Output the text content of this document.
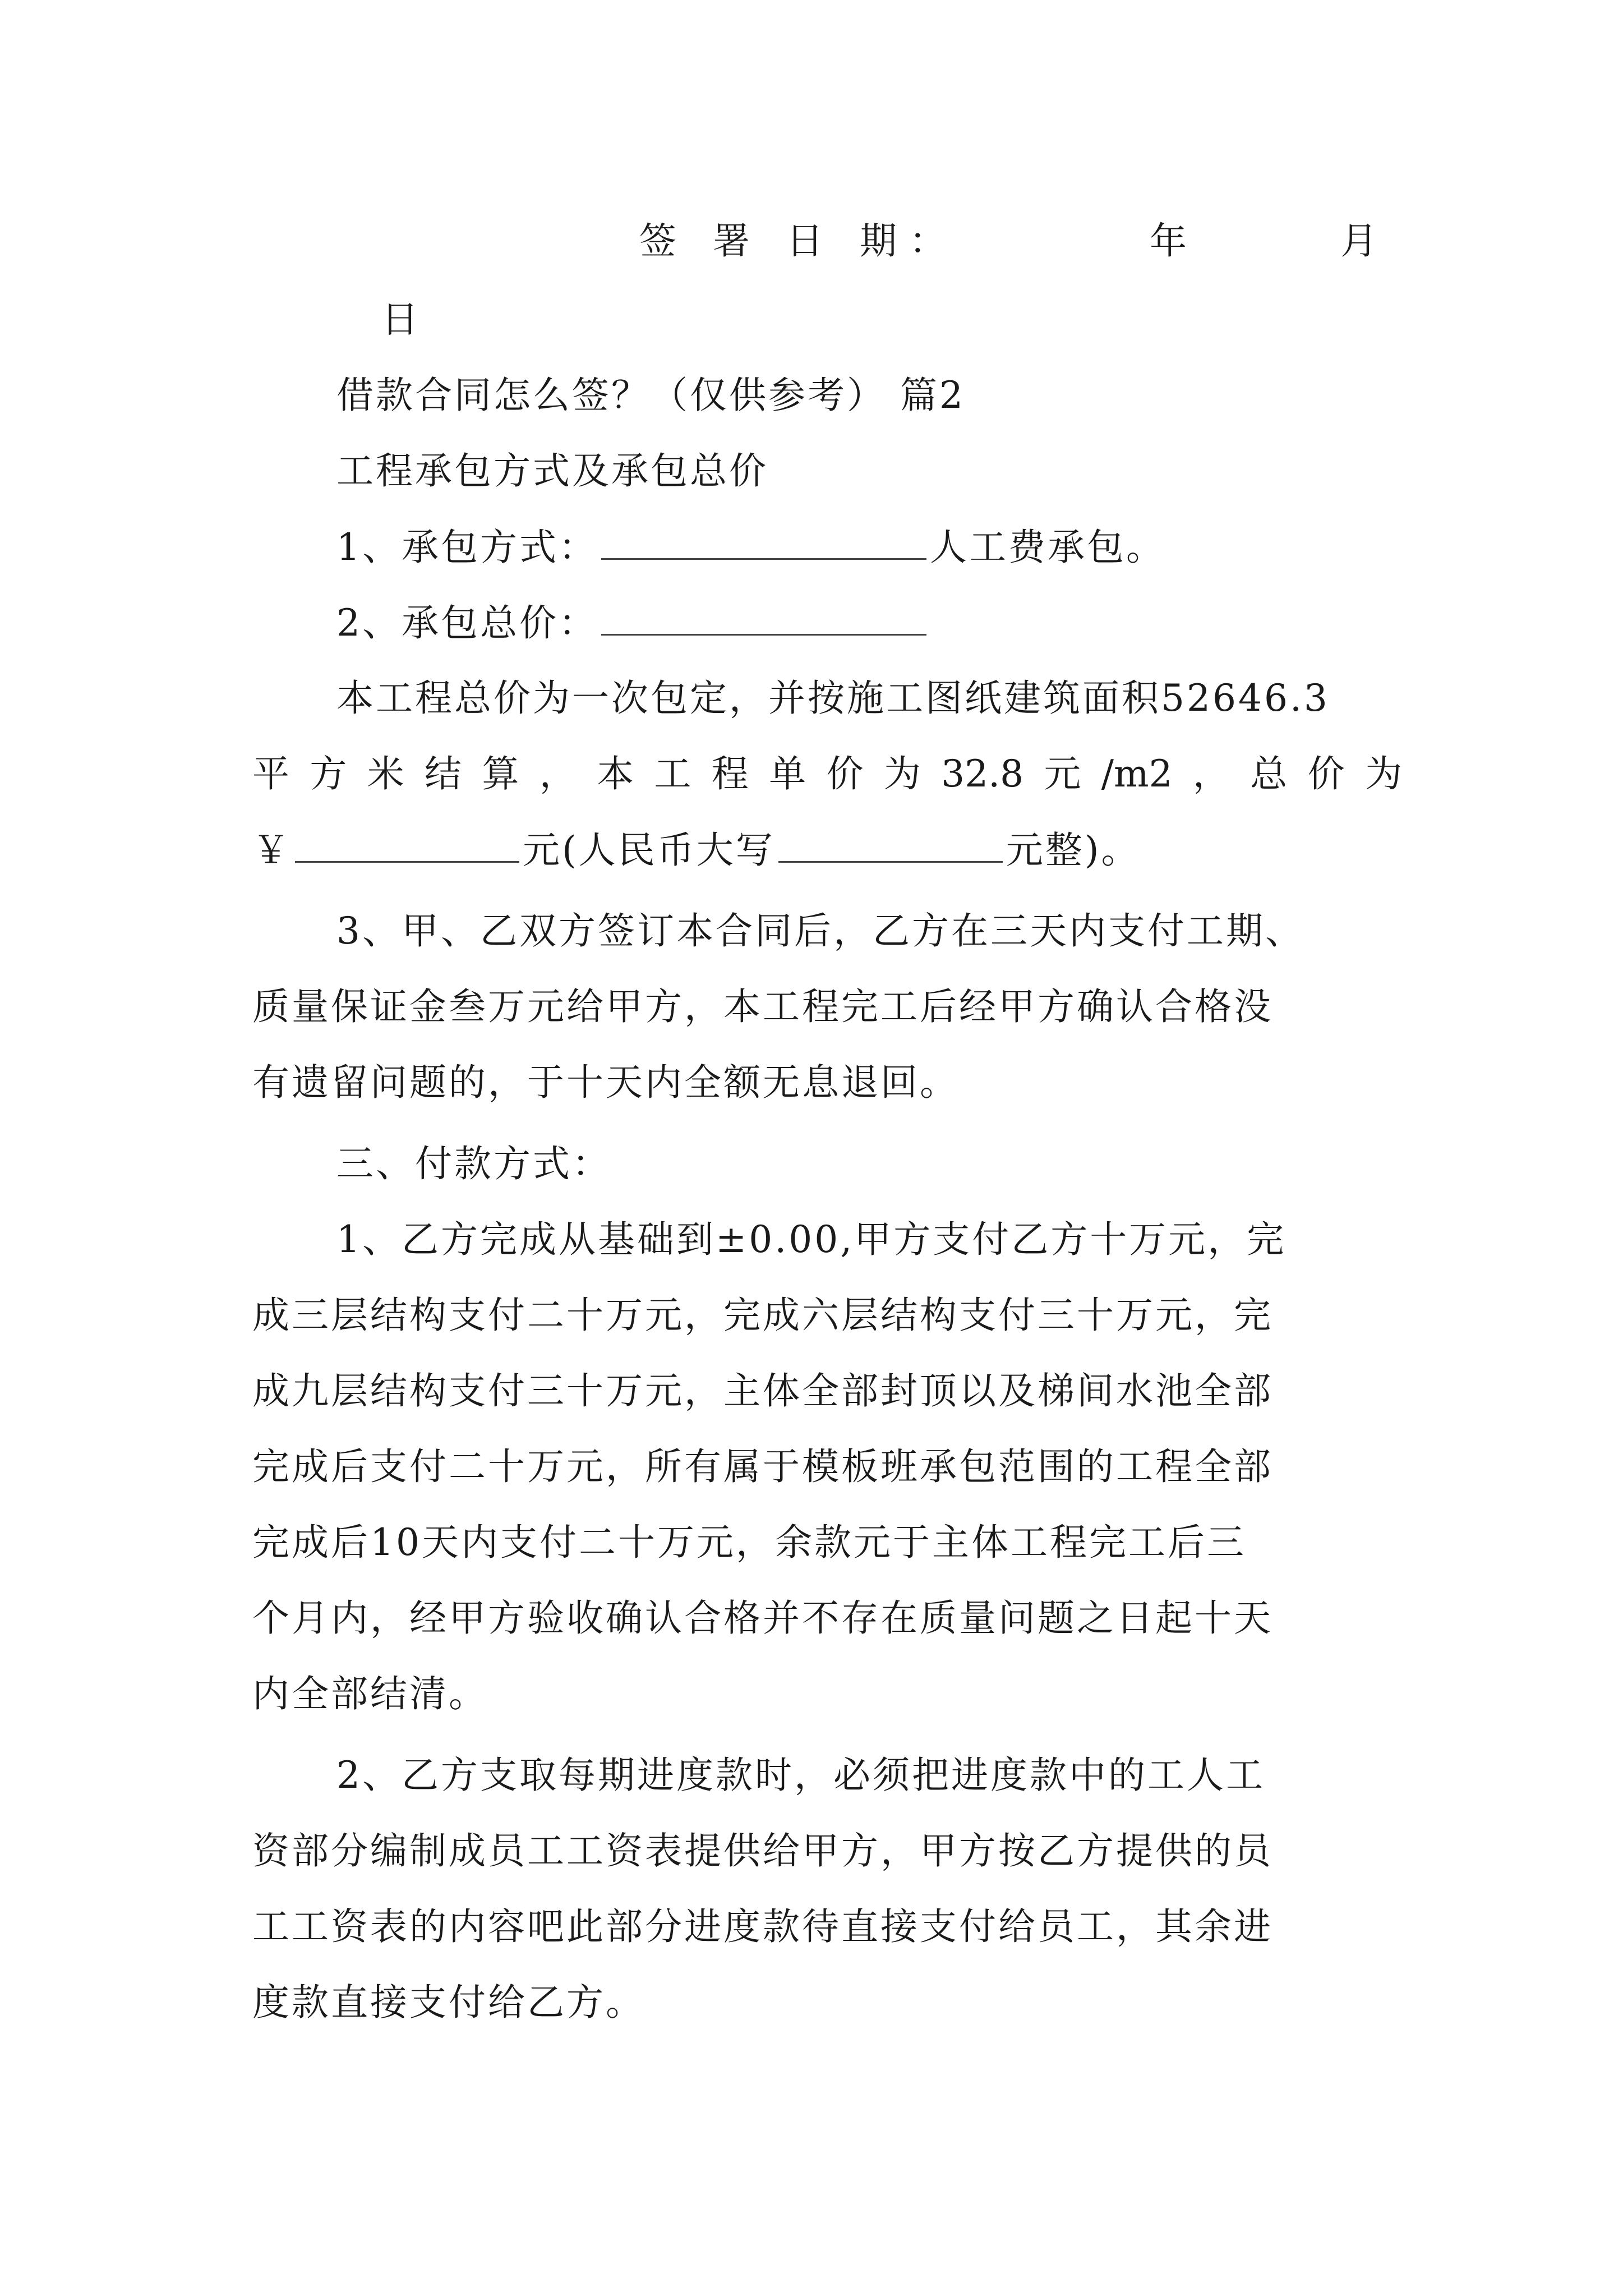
签 署 日 期：	年	月
日
借款合同怎么签？（仅供参考） 篇2
工程承包方式及承包总价
1、承包方式：	人工费承包。
2、承包总价：
本工程总价为一次包定，并按施工图纸建筑面积52646.3
平 方 米 结 算 ， 本 工 程 单 价 为 32.8 元 /m2 ， 总 价 为
￥	元(人民币大写	元整)。
3、甲、乙双方签订本合同后，乙方在三天内支付工期、
质量保证金叁万元给甲方，本工程完工后经甲方确认合格没
有遗留问题的，于十天内全额无息退回。
三、付款方式：
1、乙方完成从基础到±0.00,甲方支付乙方十万元，完
成三层结构支付二十万元，完成六层结构支付三十万元，完
成九层结构支付三十万元，主体全部封顶以及梯间水池全部
完成后支付二十万元，所有属于模板班承包范围的工程全部
完成后10天内支付二十万元，余款元于主体工程完工后三
个月内，经甲方验收确认合格并不存在质量问题之日起十天
内全部结清。
2、乙方支取每期进度款时，必须把进度款中的工人工
资部分编制成员工工资表提供给甲方，甲方按乙方提供的员
工工资表的内容吧此部分进度款待直接支付给员工，其余进
度款直接支付给乙方。
